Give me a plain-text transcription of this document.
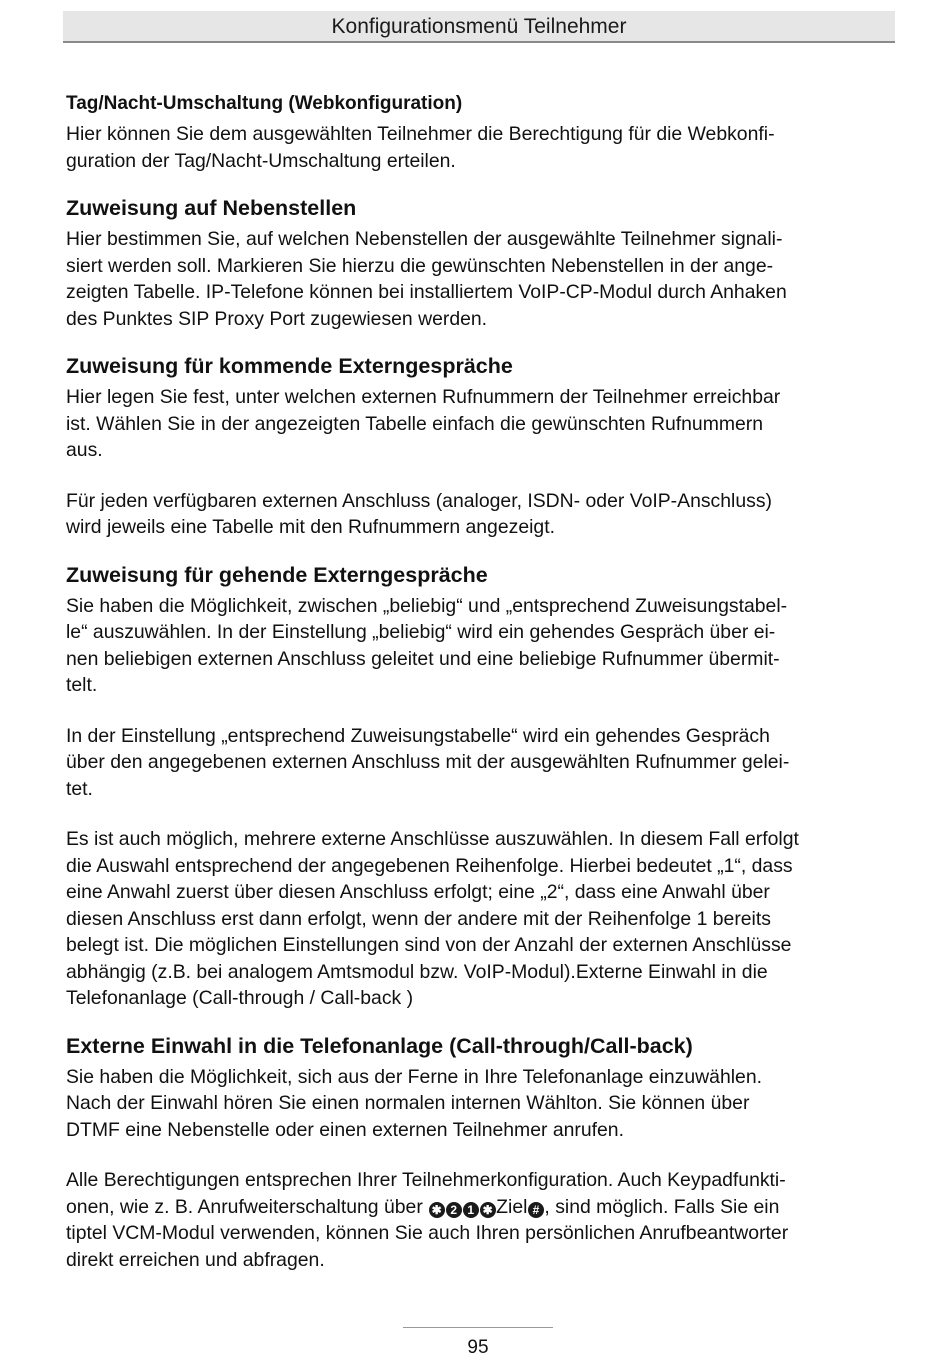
Konfigurationsmenü Teilnehmer
Tag/Nacht-Umschaltung (Webkonfiguration)

Hier können Sie dem ausgewählten Teilnehmer die Berechtigung für die Webkonfi-

guration der Tag/Nacht-Umschaltung erteilen.

Zuweisung auf Nebenstellen

Hier bestimmen Sie, auf welchen Nebenstellen der ausgewählte Teilnehmer signali-

siert werden soll. Markieren Sie hierzu die gewünschten Nebenstellen in der ange-

zeigten Tabelle. IP-Telefone können bei installiertem VoIP-CP-Modul durch Anhaken

des Punktes SIP Proxy Port zugewiesen werden.

Zuweisung für kommende Externgespräche

Hier legen Sie fest, unter welchen externen Rufnummern der Teilnehmer erreichbar

ist. Wählen Sie in der angezeigten Tabelle einfach die gewünschten Rufnummern

aus.

Für jeden verfügbaren externen Anschluss (analoger, ISDN- oder VoIP-Anschluss)

wird jeweils eine Tabelle mit den Rufnummern angezeigt.

Zuweisung für gehende Externgespräche

Sie haben die Möglichkeit, zwischen „beliebig“ und „entsprechend Zuweisungstabel-

le“ auszuwählen. In der Einstellung „beliebig“ wird ein gehendes Gespräch über ei-

nen beliebigen externen Anschluss geleitet und eine beliebige Rufnummer übermit-

telt.

In der Einstellung „entsprechend Zuweisungstabelle“ wird ein gehendes Gespräch

über den angegebenen externen Anschluss mit der ausgewählten Rufnummer gelei-

tet.

Es ist auch möglich, mehrere externe Anschlüsse auszuwählen. In diesem Fall erfolgt

die Auswahl entsprechend der angegebenen Reihenfolge. Hierbei bedeutet „1“, dass

eine Anwahl zuerst über diesen Anschluss erfolgt; eine „2“, dass eine Anwahl über

diesen Anschluss erst dann erfolgt, wenn der andere mit der Reihenfolge 1 bereits

belegt ist. Die möglichen Einstellungen sind von der Anzahl der externen Anschlüsse

abhängig (z.B. bei analogem Amtsmodul bzw. VoIP-Modul).Externe Einwahl in die

Telefonanlage (Call-through / Call-back )

Externe Einwahl in die Telefonanlage (Call-through/Call-back)

Sie haben die Möglichkeit, sich aus der Ferne in Ihre Telefonanlage einzuwählen.

Nach der Einwahl hören Sie einen normalen internen Wählton. Sie können über

DTMF eine Nebenstelle oder einen externen Teilnehmer anrufen.

Alle Berechtigungen entsprechen Ihrer Teilnehmerkonfiguration. Auch Keypadfunkti-

onen, wie z. B. Anrufweiterschaltung über ✱ 2 1 ✱ Ziel # , sind möglich. Falls Sie ein

tiptel VCM-Modul verwenden, können Sie auch Ihren persönlichen Anrufbeantworter

direkt erreichen und abfragen.

95
